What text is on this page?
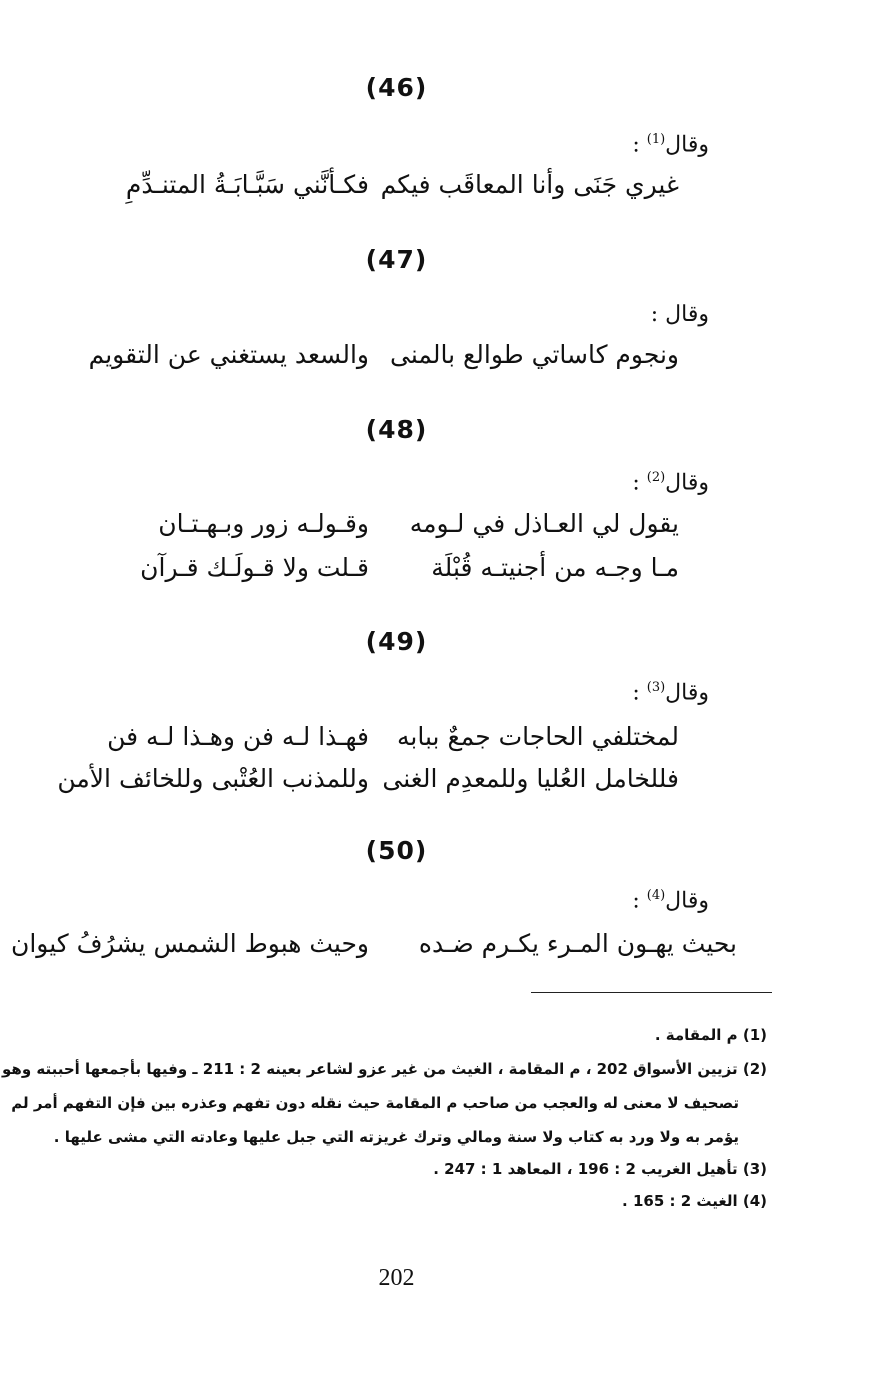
(46)
وقال$^{(1)}$ :
غيري جَنَى وأنا المعاقَب فيكم
فكـأنَّني سَبَّـابَـةُ المتنـدِّمِ
(47)
وقال :
ونجوم كاساتي طوالع بالمنى
والسعد يستغني عن التقويم
(48)
وقال$^{(2)}$ :
يقول لي العـاذل في لـومه
وقـولـه زور وبـهـتـان
مـا وجـه من أجنيتـه قُبْلَة
قـلت ولا قـولَـك قـرآن
(49)
وقال$^{(3)}$ :
لمختلفي الحاجات جمعٌ ببابه
فهـذا لـه فن وهـذا لـه فن
فللخامل العُليا وللمعدِم الغنى
وللمذنب العُتْبى وللخائف الأمن
(50)
وقال$^{(4)}$ :
بحيث يهـون المـرء يكـرم ضـده
وحيث هبوط الشمس يشرُفُ كيوان
(1) م المقامة .
(2) تزيين الأسواق 202 ، م المقامة ، الغيث من غير عزو لشاعر بعينه 2 : 211 ـ وفيها بأجمعها أحببته وهو
تصحيف لا معنى له والعجب من صاحب م المقامة حيث نقله دون تفهم وعذره بين فإن التفهم أمر لم
يؤمر به ولا ورد به كتاب ولا سنة ومالي وترك غريزته التي جبل عليها وعادته التي مشى عليها .
(3) تأهيل الغريب 2 : 196 ، المعاهد 1 : 247 .
(4) الغيث 2 : 165 .
202
